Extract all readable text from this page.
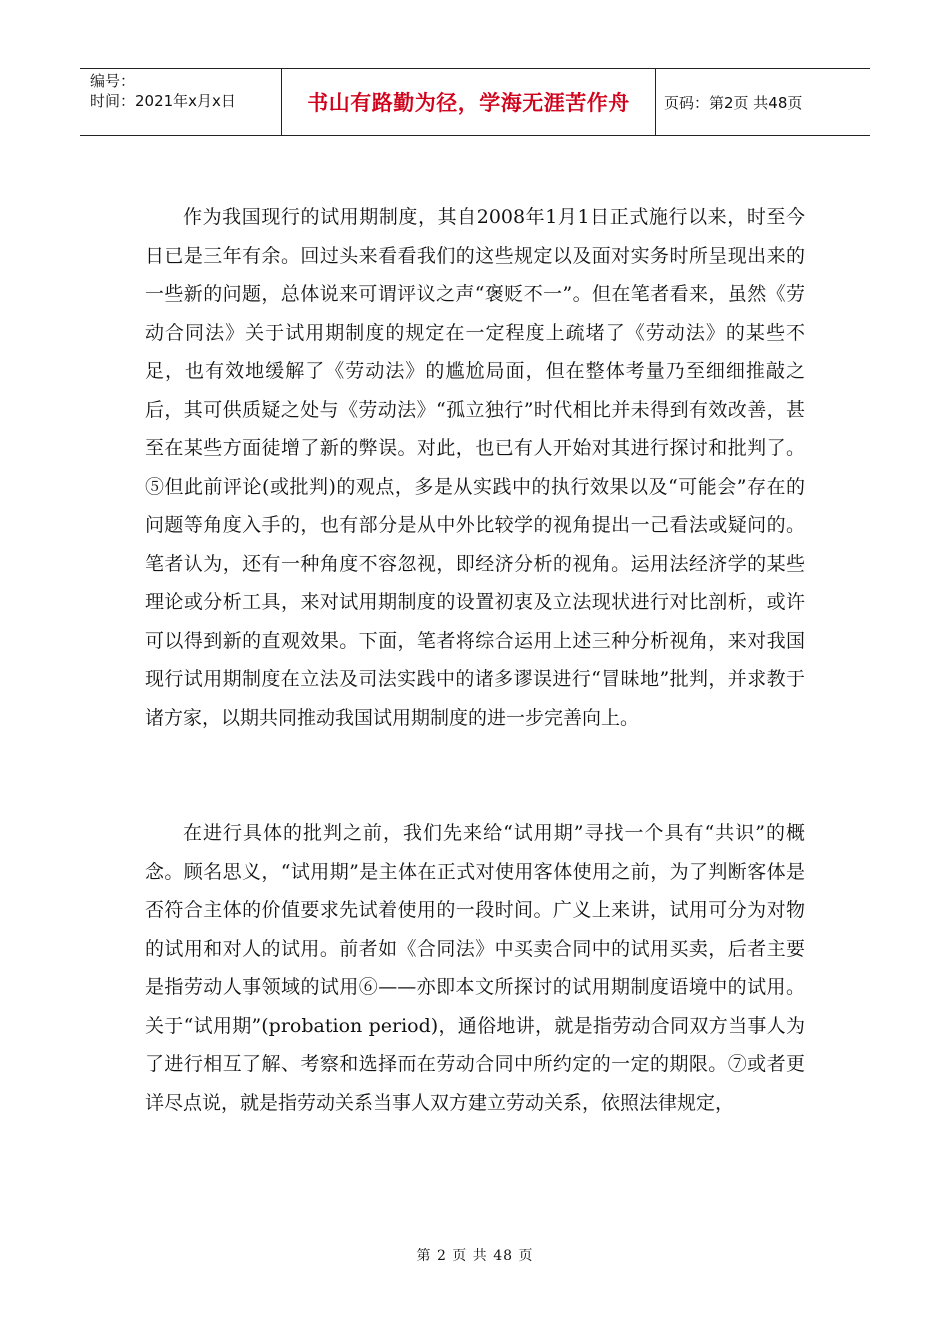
编号：
时间：2021年x月x日	书山有路勤为径，学海无涯苦作舟	页码：第2页 共48页

作为我国现行的试用期制度，其自2008年1月1日正式施行以来，时至今日已是三年有余。回过头来看看我们的这些规定以及面对实务时所呈现出来的一些新的问题，总体说来可谓评议之声“褒贬不一”。但在笔者看来，虽然《劳动合同法》关于试用期制度的规定在一定程度上疏堵了《劳动法》的某些不足，也有效地缓解了《劳动法》的尴尬局面，但在整体考量乃至细细推敲之后，其可供质疑之处与《劳动法》“孤立独行”时代相比并未得到有效改善，甚至在某些方面徒增了新的弊误。对此，也已有人开始对其进行探讨和批判了。⑤但此前评论(或批判)的观点，多是从实践中的执行效果以及“可能会”存在的问题等角度入手的，也有部分是从中外比较学的视角提出一己看法或疑问的。笔者认为，还有一种角度不容忽视，即经济分析的视角。运用法经济学的某些理论或分析工具，来对试用期制度的设置初衷及立法现状进行对比剖析，或许可以得到新的直观效果。下面，笔者将综合运用上述三种分析视角，来对我国现行试用期制度在立法及司法实践中的诸多谬误进行“冒昧地”批判，并求教于诸方家，以期共同推动我国试用期制度的进一步完善向上。

在进行具体的批判之前，我们先来给“试用期”寻找一个具有“共识”的概念。顾名思义，“试用期”是主体在正式对使用客体使用之前，为了判断客体是否符合主体的价值要求先试着使用的一段时间。广义上来讲，试用可分为对物的试用和对人的试用。前者如《合同法》中买卖合同中的试用买卖，后者主要是指劳动人事领域的试用⑥——亦即本文所探讨的试用期制度语境中的试用。关于“试用期”(probation period)，通俗地讲，就是指劳动合同双方当事人为了进行相互了解、考察和选择而在劳动合同中所约定的一定的期限。⑦或者更详尽点说，就是指劳动关系当事人双方建立劳动关系，依照法律规定，

第 2 页 共 48 页
